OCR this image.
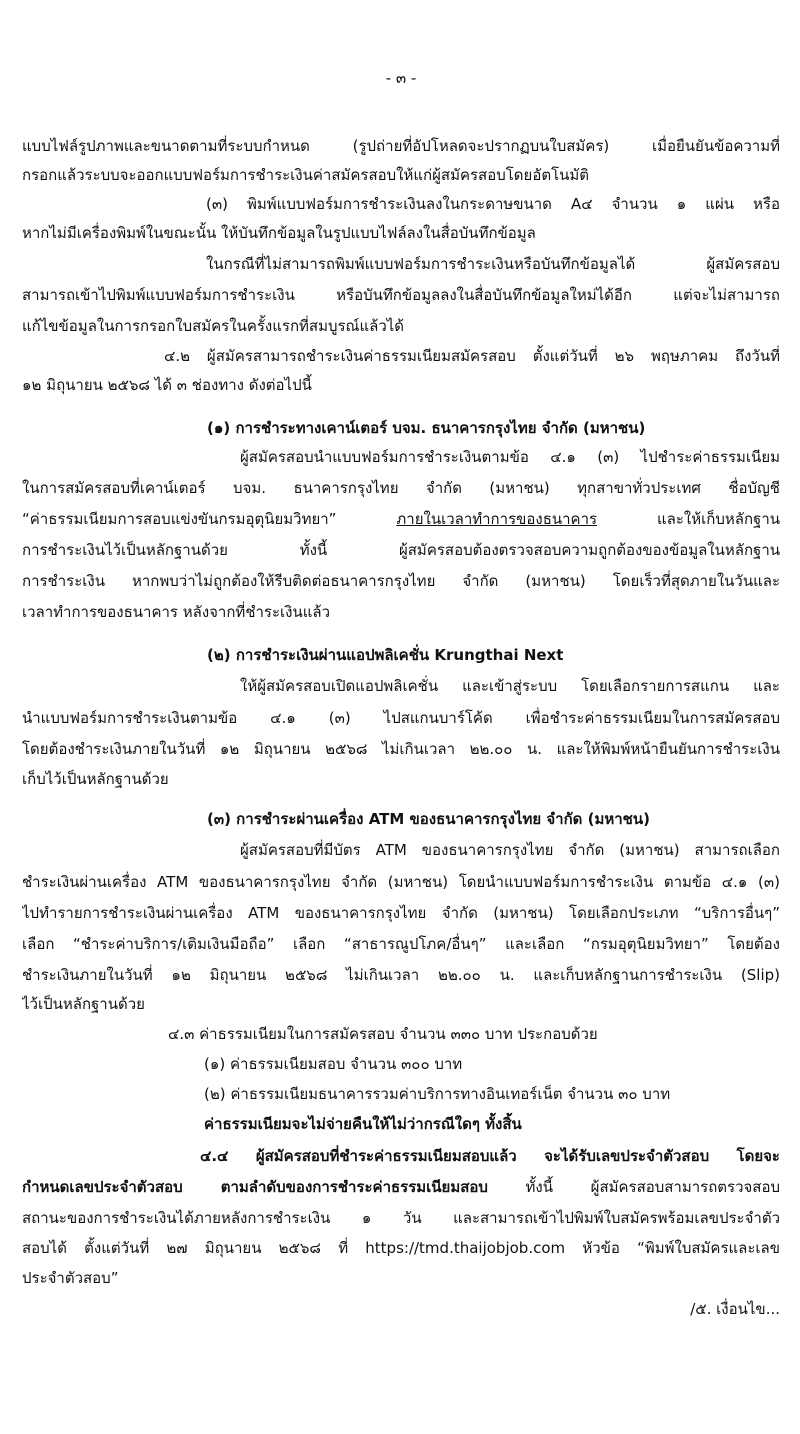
- ๓ -
แบบไฟล์รูปภาพและขนาดตามที่ระบบกำหนด (รูปถ่ายที่อัปโหลดจะปรากฏบนใบสมัคร) เมื่อยืนยันข้อความที่
กรอกแล้วระบบจะออกแบบฟอร์มการชำระเงินค่าสมัครสอบให้แก่ผู้สมัครสอบโดยอัตโนมัติ
(๓) พิมพ์แบบฟอร์มการชำระเงินลงในกระดาษขนาด A๔ จำนวน ๑ แผ่น หรือ
หากไม่มีเครื่องพิมพ์ในขณะนั้น ให้บันทึกข้อมูลในรูปแบบไฟล์ลงในสื่อบันทึกข้อมูล
ในกรณีที่ไม่สามารถพิมพ์แบบฟอร์มการชำระเงินหรือบันทึกข้อมูลได้ ผู้สมัครสอบ
สามารถเข้าไปพิมพ์แบบฟอร์มการชำระเงิน หรือบันทึกข้อมูลลงในสื่อบันทึกข้อมูลใหม่ได้อีก แต่จะไม่สามารถ
แก้ไขข้อมูลในการกรอกใบสมัครในครั้งแรกที่สมบูรณ์แล้วได้
๔.๒ ผู้สมัครสามารถชำระเงินค่าธรรมเนียมสมัครสอบ ตั้งแต่วันที่ ๒๖ พฤษภาคม ถึงวันที่
๑๒ มิถุนายน ๒๕๖๘ ได้ ๓ ช่องทาง ดังต่อไปนี้
(๑) การชำระทางเคาน์เตอร์ บจม. ธนาคารกรุงไทย จำกัด (มหาชน)
ผู้สมัครสอบนำแบบฟอร์มการชำระเงินตามข้อ ๔.๑ (๓) ไปชำระค่าธรรมเนียม
ในการสมัครสอบที่เคาน์เตอร์ บจม. ธนาคารกรุงไทย จำกัด (มหาชน) ทุกสาขาทั่วประเทศ ชื่อบัญชี
“ค่าธรรมเนียมการสอบแข่งขันกรมอุตุนิยมวิทยา” ภายในเวลาทำการของธนาคาร และให้เก็บหลักฐาน
การชำระเงินไว้เป็นหลักฐานด้วย ทั้งนี้ ผู้สมัครสอบต้องตรวจสอบความถูกต้องของข้อมูลในหลักฐาน
การชำระเงิน หากพบว่าไม่ถูกต้องให้รีบติดต่อธนาคารกรุงไทย จำกัด (มหาชน) โดยเร็วที่สุดภายในวันและ
เวลาทำการของธนาคาร หลังจากที่ชำระเงินแล้ว
(๒) การชำระเงินผ่านแอปพลิเคชั่น Krungthai Next
ให้ผู้สมัครสอบเปิดแอปพลิเคชั่น และเข้าสู่ระบบ โดยเลือกรายการสแกน และ
นำแบบฟอร์มการชำระเงินตามข้อ ๔.๑ (๓) ไปสแกนบาร์โค้ด เพื่อชำระค่าธรรมเนียมในการสมัครสอบ
โดยต้องชำระเงินภายในวันที่ ๑๒ มิถุนายน ๒๕๖๘ ไม่เกินเวลา ๒๒.๐๐ น. และให้พิมพ์หน้ายืนยันการชำระเงิน
เก็บไว้เป็นหลักฐานด้วย
(๓) การชำระผ่านเครื่อง ATM ของธนาคารกรุงไทย จำกัด (มหาชน)
ผู้สมัครสอบที่มีบัตร ATM ของธนาคารกรุงไทย จำกัด (มหาชน) สามารถเลือก
ชำระเงินผ่านเครื่อง ATM ของธนาคารกรุงไทย จำกัด (มหาชน) โดยนำแบบฟอร์มการชำระเงิน ตามข้อ ๔.๑ (๓)
ไปทำรายการชำระเงินผ่านเครื่อง ATM ของธนาคารกรุงไทย จำกัด (มหาชน) โดยเลือกประเภท “บริการอื่นๆ”
เลือก “ชำระค่าบริการ/เติมเงินมือถือ” เลือก “สาธารณูปโภค/อื่นๆ” และเลือก “กรมอุตุนิยมวิทยา” โดยต้อง
ชำระเงินภายในวันที่ ๑๒ มิถุนายน ๒๕๖๘ ไม่เกินเวลา ๒๒.๐๐ น. และเก็บหลักฐานการชำระเงิน (Slip)
ไว้เป็นหลักฐานด้วย
๔.๓ ค่าธรรมเนียมในการสมัครสอบ จำนวน ๓๓๐ บาท ประกอบด้วย
(๑) ค่าธรรมเนียมสอบ จำนวน ๓๐๐ บาท
(๒) ค่าธรรมเนียมธนาคารรวมค่าบริการทางอินเทอร์เน็ต จำนวน ๓๐ บาท
ค่าธรรมเนียมจะไม่จ่ายคืนให้ไม่ว่ากรณีใดๆ ทั้งสิ้น
๔.๔ ผู้สมัครสอบที่ชำระค่าธรรมเนียมสอบแล้ว จะได้รับเลขประจำตัวสอบ โดยจะ
กำหนดเลขประจำตัวสอบ ตามลำดับของการชำระค่าธรรมเนียมสอบ ทั้งนี้ ผู้สมัครสอบสามารถตรวจสอบ
สถานะของการชำระเงินได้ภายหลังการชำระเงิน ๑ วัน และสามารถเข้าไปพิมพ์ใบสมัครพร้อมเลขประจำตัว
สอบได้ ตั้งแต่วันที่ ๒๗ มิถุนายน ๒๕๖๘ ที่ https://tmd.thaijobjob.com หัวข้อ “พิมพ์ใบสมัครและเลข
ประจำตัวสอบ”
/๕. เงื่อนไข...
